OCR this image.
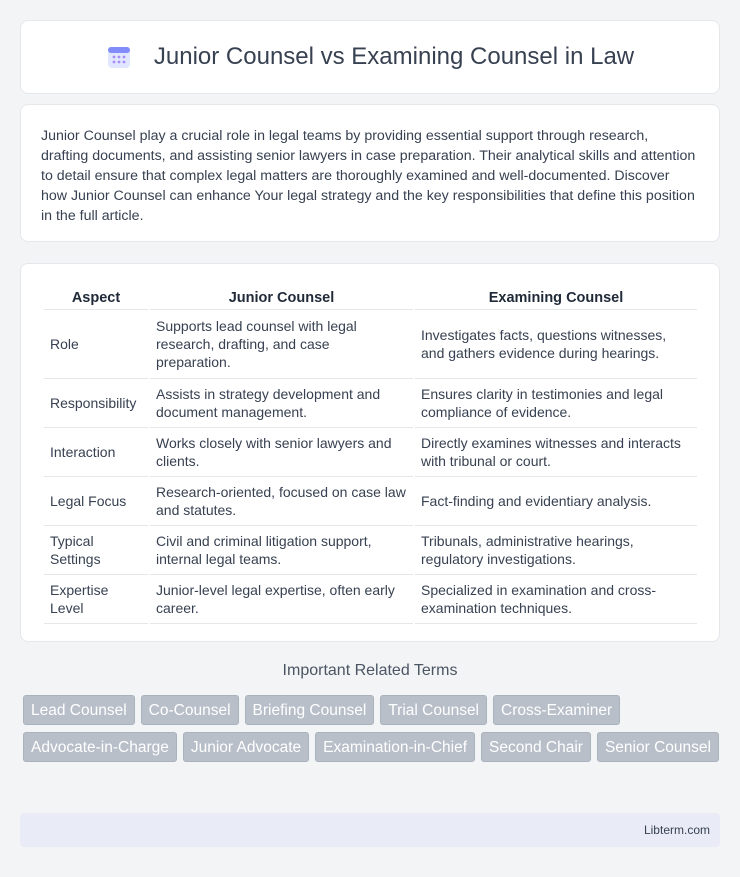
Junior Counsel vs Examining Counsel in Law

Junior Counsel play a crucial role in legal teams by providing essential support through research, drafting documents, and assisting senior lawyers in case preparation. Their analytical skills and attention to detail ensure that complex legal matters are thoroughly examined and well-documented. Discover how Junior Counsel can enhance Your legal strategy and the key responsibilities that define this position in the full article.

Aspect	Junior Counsel	Examining Counsel
Role	Supports lead counsel with legal research, drafting, and case preparation.	Investigates facts, questions witnesses, and gathers evidence during hearings.
Responsibility	Assists in strategy development and document management.	Ensures clarity in testimonies and legal compliance of evidence.
Interaction	Works closely with senior lawyers and clients.	Directly examines witnesses and interacts with tribunal or court.
Legal Focus	Research-oriented, focused on case law and statutes.	Fact-finding and evidentiary analysis.
Typical Settings	Civil and criminal litigation support, internal legal teams.	Tribunals, administrative hearings, regulatory investigations.
Expertise Level	Junior-level legal expertise, often early career.	Specialized in examination and cross-examination techniques.
Important Related Terms
Lead Counsel	Co-Counsel	Briefing Counsel	Trial Counsel	Cross-Examiner
Advocate-in-Charge	Junior Advocate	Examination-in-Chief	Second Chair	Senior Counsel
Libterm.com
